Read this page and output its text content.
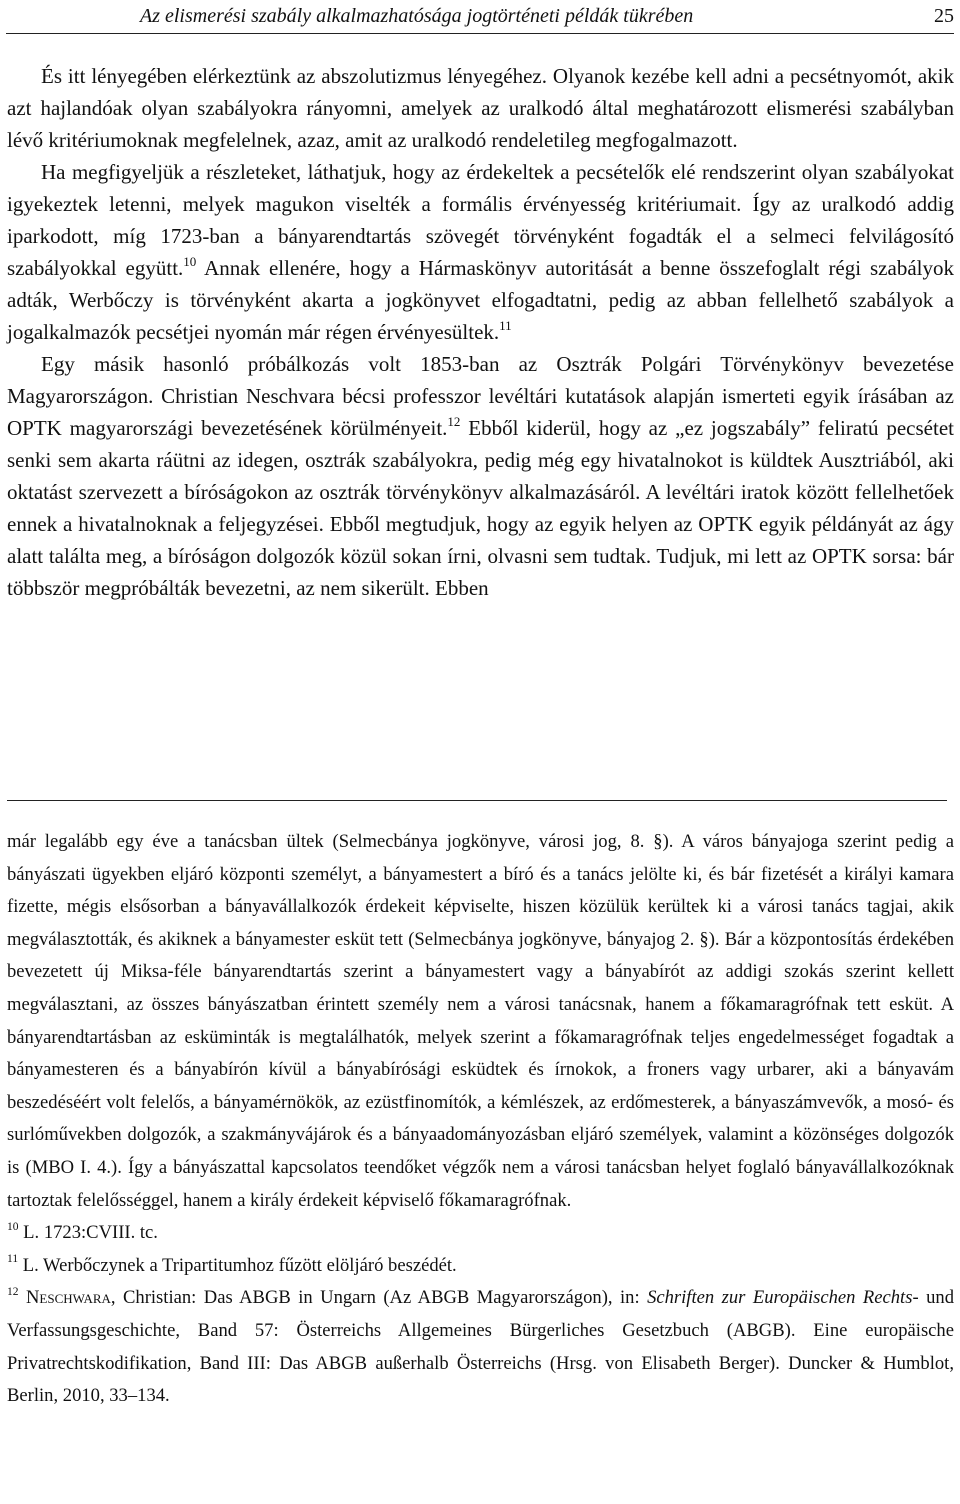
Az elismerési szabály alkalmazhatósága jogtörténeti példák tükrében	25

És itt lényegében elérkeztünk az abszolutizmus lényegéhez. Olyanok kezébe kell adni a pecsétnyomót, akik azt hajlandóak olyan szabályokra rányomni, amelyek az uralkodó által meghatározott elismerési szabályban lévő kritériumoknak megfelelnek, azaz, amit az uralkodó rendeletileg megfogalmazott.

Ha megfigyeljük a részleteket, láthatjuk, hogy az érdekeltek a pecsételők elé rendszerint olyan szabályokat igyekeztek letenni, melyek magukon viselték a formális érvényesség kritériumait. Így az uralkodó addig iparkodott, míg 1723-ban a bányarendtartás szövegét törvényként fogadták el a selmeci felvilágosító szabályokkal együtt.$^{10}$ Annak ellenére, hogy a Hármaskönyv autoritását a benne összefoglalt régi szabályok adták, Werbőczy is törvényként akarta a jogkönyvet elfogadtatni, pedig az abban fellelhető szabályok a jogalkalmazók pecsétjei nyomán már régen érvényesültek.$^{11}$

Egy másik hasonló próbálkozás volt 1853-ban az Osztrák Polgári Törvénykönyv bevezetése Magyarországon. Christian Neschvara bécsi professzor levéltári kutatások alapján ismerteti egyik írásában az OPTK magyarországi bevezetésének körülményeit.$^{12}$ Ebből kiderül, hogy az „ez jogszabály” feliratú pecsétet senki sem akarta ráütni az idegen, osztrák szabályokra, pedig még egy hivatalnokot is küldtek Ausztriából, aki oktatást szervezett a bíróságokon az osztrák törvénykönyv alkalmazásáról. A levéltári iratok között fellelhetőek ennek a hivatalnoknak a feljegyzései. Ebből megtudjuk, hogy az egyik helyen az OPTK egyik példányát az ágy alatt találta meg, a bíróságon dolgozók közül sokan írni, olvasni sem tudtak. Tudjuk, mi lett az OPTK sorsa: bár többször megpróbálták bevezetni, az nem sikerült. Ebben

már legalább egy éve a tanácsban ültek (Selmecbánya jogkönyve, városi jog, 8. §). A város bányajoga szerint pedig a bányászati ügyekben eljáró központi személyt, a bányamestert a bíró és a tanács jelölte ki, és bár fizetését a királyi kamara fizette, mégis elsősorban a bányavállalkozók érdekeit képviselte, hiszen közülük kerültek ki a városi tanács tagjai, akik megválasztották, és akiknek a bányamester esküt tett (Selmecbánya jogkönyve, bányajog 2. §). Bár a központosítás érdekében bevezetett új Miksa-féle bányarendtartás szerint a bányamestert vagy a bányabírót az addigi szokás szerint kellett megválasztani, az összes bányászatban érintett személy nem a városi tanácsnak, hanem a főkamaragrófnak tett esküt. A bányarendtartásban az esküminták is megtalálhatók, melyek szerint a főkamaragrófnak teljes engedelmességet fogadtak a bányamesteren és a bányabírón kívül a bányabírósági esküdtek és írnokok, a froners vagy urbarer, aki a bányavám beszedéséért volt felelős, a bányamérnökök, az ezüstfinomítók, a kémlészek, az erdőmesterek, a bányaszámvevők, a mosó- és surlóművekben dolgozók, a szakmányvájárok és a bányaadományozásban eljáró személyek, valamint a közönséges dolgozók is (MBO I. 4.). Így a bányászattal kapcsolatos teendőket végzők nem a városi tanácsban helyet foglaló bányavállalkozóknak tartoztak felelősséggel, hanem a király érdekeit képviselő főkamaragrófnak.

$^{10}$ L. 1723:CVIII. tc.

$^{11}$ L. Werbőczynek a Tripartitumhoz fűzött elöljáró beszédét.

$^{12}$ Neschwara, Christian: Das ABGB in Ungarn (Az ABGB Magyarországon), in: Schriften zur Europäischen Rechts- und Verfassungsgeschichte, Band 57: Österreichs Allgemeines Bürgerliches Gesetzbuch (ABGB). Eine europäische Privatrechtskodifikation, Band III: Das ABGB außerhalb Österreichs (Hrsg. von Elisabeth Berger). Duncker & Humblot, Berlin, 2010, 33–134.
